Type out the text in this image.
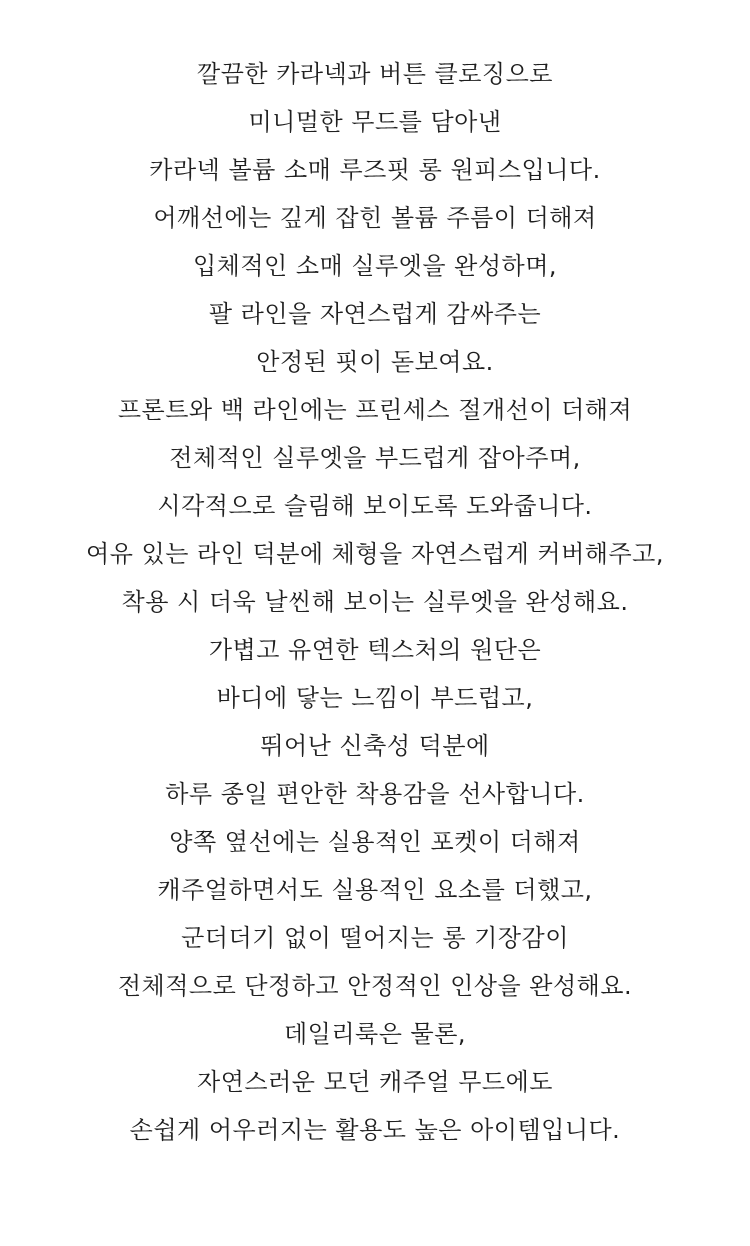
깔끔한 카라넥과 버튼 클로징으로
미니멀한 무드를 담아낸
카라넥 볼륨 소매 루즈핏 롱 원피스입니다.
어깨선에는 깊게 잡힌 볼륨 주름이 더해져
입체적인 소매 실루엣을 완성하며,
팔 라인을 자연스럽게 감싸주는
안정된 핏이 돋보여요.
프론트와 백 라인에는 프린세스 절개선이 더해져
전체적인 실루엣을 부드럽게 잡아주며,
시각적으로 슬림해 보이도록 도와줍니다.
여유 있는 라인 덕분에 체형을 자연스럽게 커버해주고,
착용 시 더욱 날씬해 보이는 실루엣을 완성해요.
가볍고 유연한 텍스처의 원단은
바디에 닿는 느낌이 부드럽고,
뛰어난 신축성 덕분에
하루 종일 편안한 착용감을 선사합니다.
양쪽 옆선에는 실용적인 포켓이 더해져
캐주얼하면서도 실용적인 요소를 더했고,
군더더기 없이 떨어지는 롱 기장감이
전체적으로 단정하고 안정적인 인상을 완성해요.
데일리룩은 물론,
자연스러운 모던 캐주얼 무드에도
손쉽게 어우러지는 활용도 높은 아이템입니다.
